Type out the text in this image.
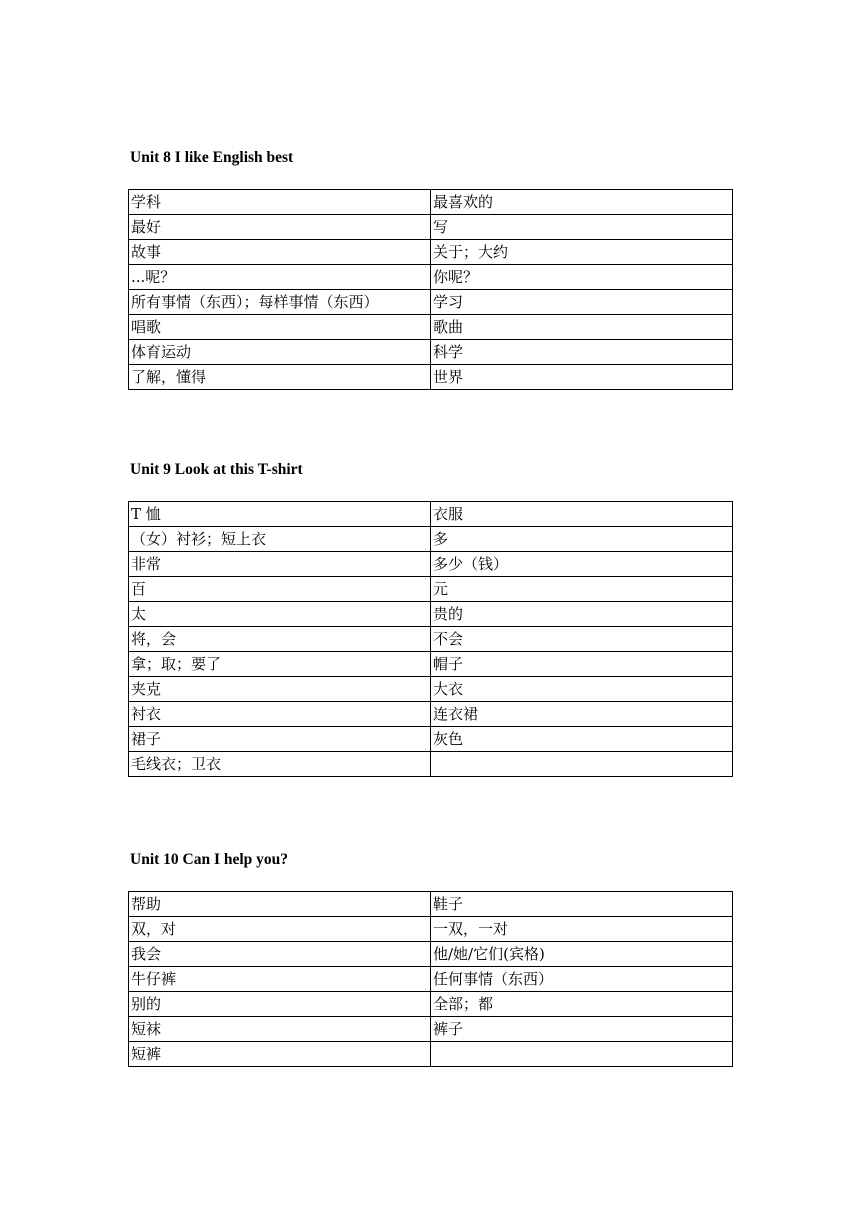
Unit 8 I like English best
学科	最喜欢的
最好	写
故事	关于；大约
...呢？	你呢？
所有事情（东西）；每样事情（东西）	学习
唱歌	歌曲
体育运动	科学
了解，懂得	世界
Unit 9 Look at this T-shirt
T 恤	衣服
（女）衬衫；短上衣	多
非常	多少（钱）
百	元
太	贵的
将，会	不会
拿；取；要了	帽子
夹克	大衣
衬衣	连衣裙
裙子	灰色
毛线衣；卫衣	
Unit 10 Can I help you?
帮助	鞋子
双，对	一双，一对
我会	他/她/它们(宾格)
牛仔裤	任何事情（东西）
别的	全部；都
短袜	裤子
短裤	
